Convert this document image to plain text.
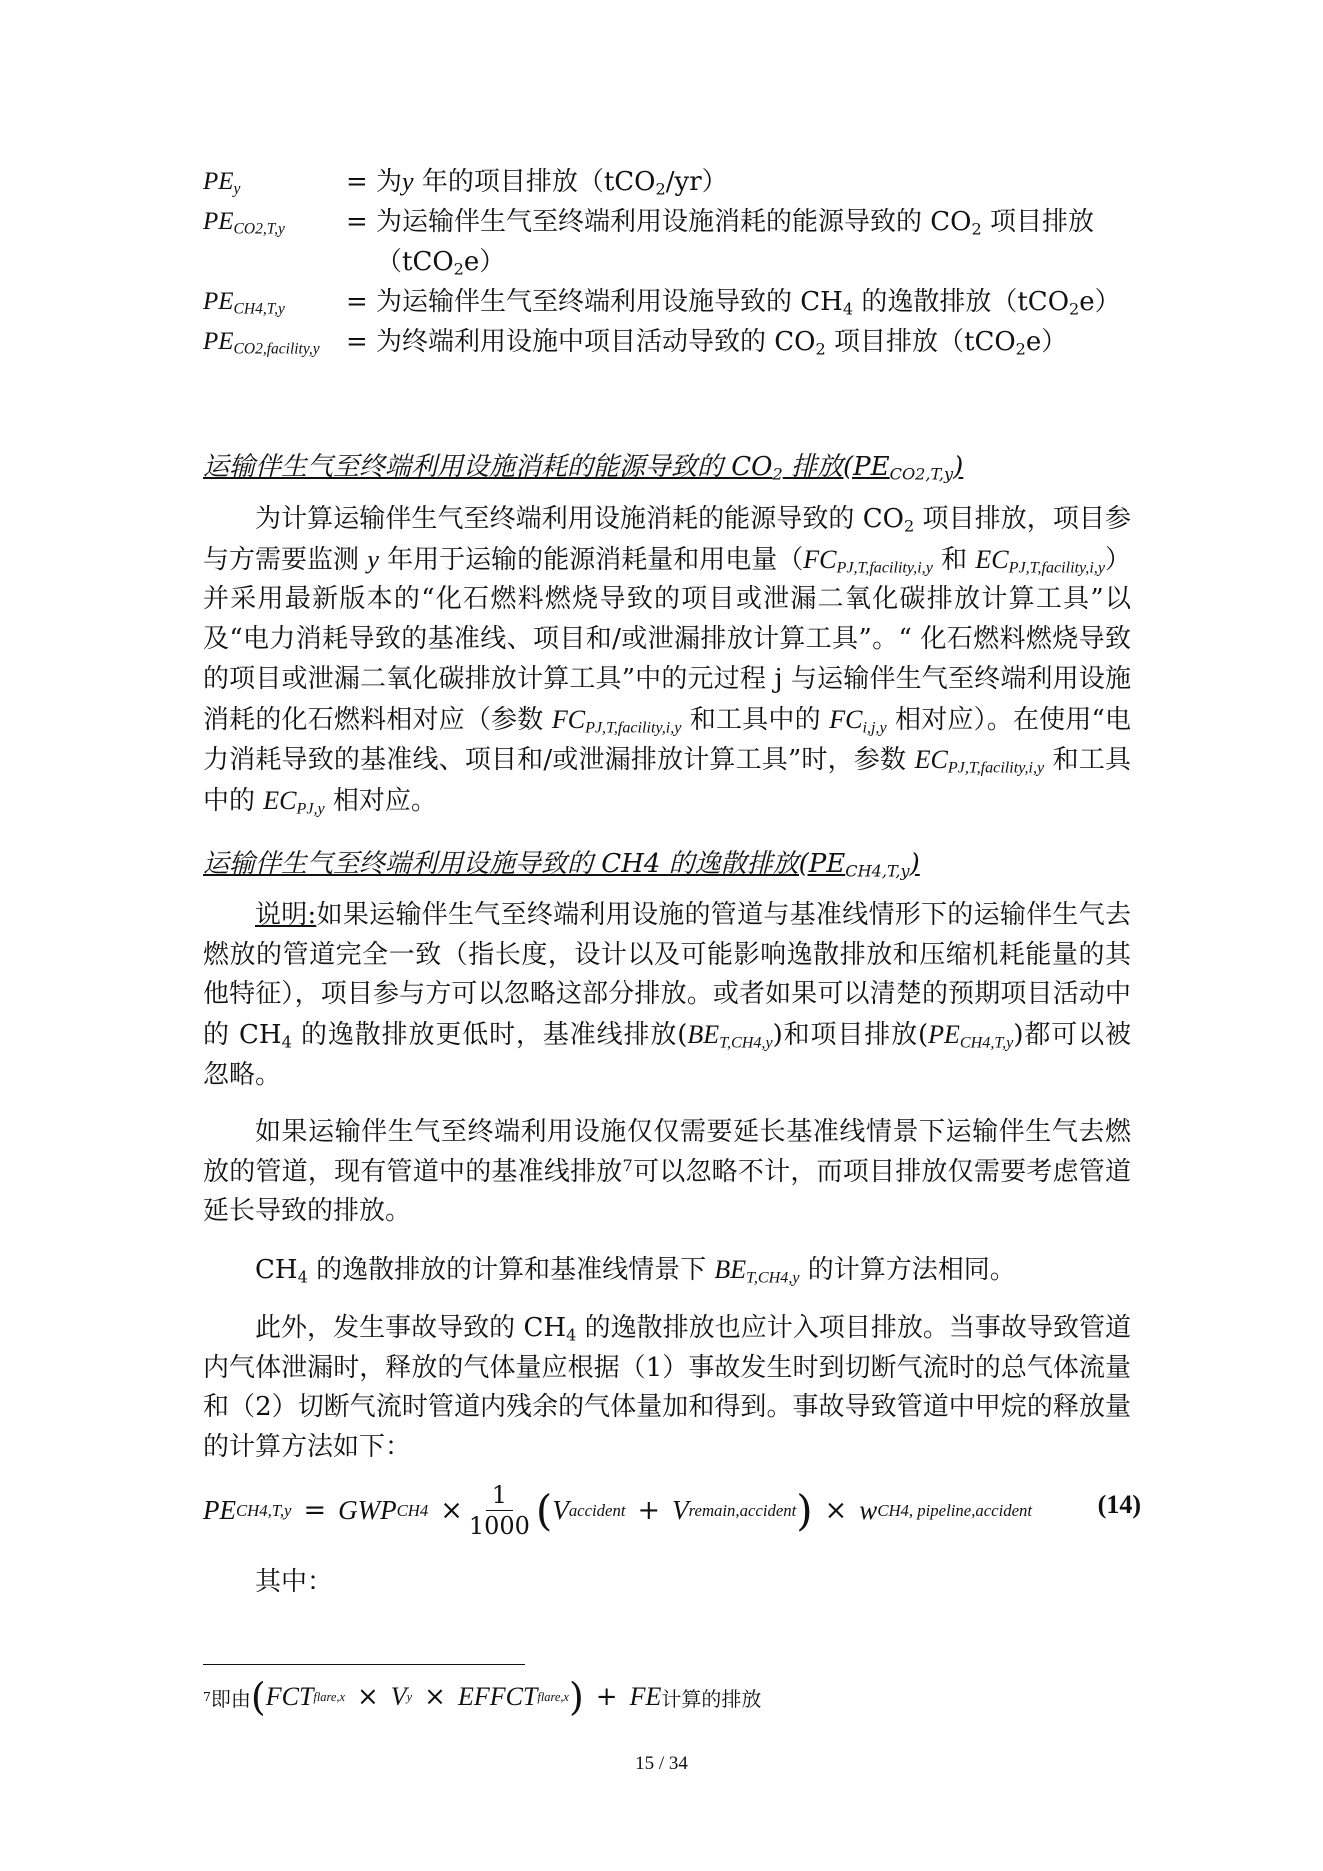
$PE_y$	= 为y 年的项目排放（tCO$_2$/yr）
$PE_{CO2,T,y}$	= 为运输伴生气至终端利用设施消耗的能源导致的 $CO_2$ 项目排放
（tCO$_2$e）
$PE_{CH4,T,y}$	= 为运输伴生气至终端利用设施导致的 $CH_4$ 的逸散排放（tCO$_2$e）
$PE_{CO2,facility,y}$	= 为终端利用设施中项目活动导致的 $CO_2$ 项目排放（tCO$_2$e）
运输伴生气至终端利用设施消耗的能源导致的 $CO_2$ 排放$(PE_{CO2,T,y})$
为计算运输伴生气至终端利用设施消耗的能源导致的 $CO_2$ 项目排放，项目参与方需要监测 y 年用于运输的能源消耗量和用电量（$FC_{PJ,T,facility,i,y}$ 和 $EC_{PJ,T,facility,i,y}$）并采用最新版本的“化石燃料燃烧导致的项目或泄漏二氧化碳排放计算工具”以及“电力消耗导致的基准线、项目和/或泄漏排放计算工具”。“ 化石燃料燃烧导致的项目或泄漏二氧化碳排放计算工具”中的元过程 j 与运输伴生气至终端利用设施消耗的化石燃料相对应（参数 $FC_{PJ,T,facility,i,y}$ 和工具中的 $FC_{i,j,y}$ 相对应）。在使用“电力消耗导致的基准线、项目和/或泄漏排放计算工具”时，参数 $EC_{PJ,T,facility,i,y}$ 和工具中的 $EC_{PJ,y}$ 相对应。
运输伴生气至终端利用设施导致的 CH4 的逸散排放$(PE_{CH4,T,y})$
说明:如果运输伴生气至终端利用设施的管道与基准线情形下的运输伴生气去燃放的管道完全一致（指长度，设计以及可能影响逸散排放和压缩机耗能量的其他特征），项目参与方可以忽略这部分排放。或者如果可以清楚的预期项目活动中的 $CH_4$ 的逸散排放更低时，基准线排放$(BE_{T,CH4,y})$和项目排放$(PE_{CH4,T,y})$都可以被忽略。
如果运输伴生气至终端利用设施仅仅需要延长基准线情景下运输伴生气去燃放的管道，现有管道中的基准线排放$^7$可以忽略不计，而项目排放仅需要考虑管道延长导致的排放。
$CH_4$ 的逸散排放的计算和基准线情景下 $BE_{T,CH4,y}$ 的计算方法相同。
此外，发生事故导致的 $CH_4$ 的逸散排放也应计入项目排放。当事故导致管道内气体泄漏时，释放的气体量应根据（1）事故发生时到切断气流时的总气体流量和（2）切断气流时管道内残余的气体量加和得到。事故导致管道中甲烷的释放量的计算方法如下：
PE CH4,T,y = GWP $CH4 \times \frac{1}{1000}$ ( V accident + V remain,accident ) × w CH4, pipeline,accident	(14)
其中：
7 即由 ( FCT flare,x × V y × EFFCT flare,x ) + FE 计算的排放
15 / 34
